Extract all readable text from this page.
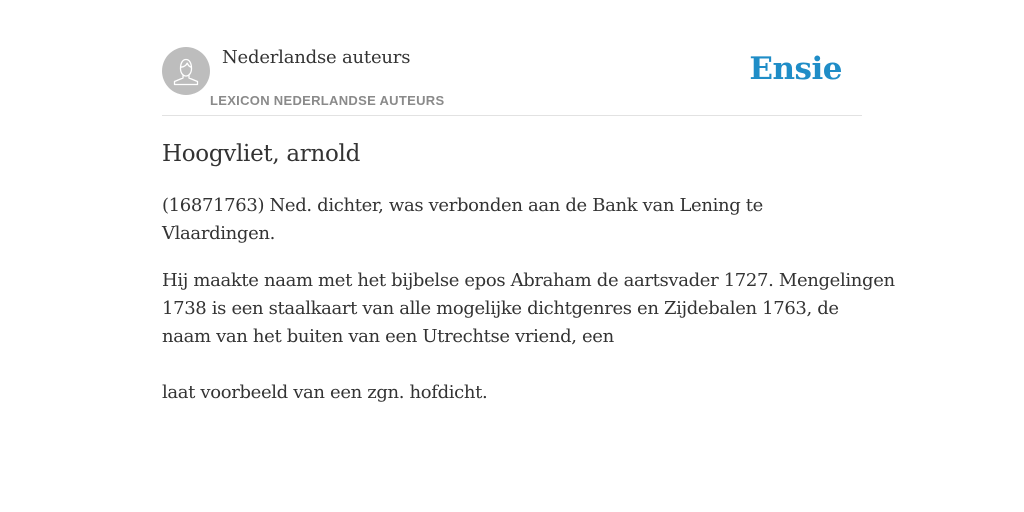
Nederlandse auteurs
LEXICON NEDERLANDSE AUTEURS
Ensie
Hoogvliet, arnold

(16871763) Ned. dichter, was verbonden aan de Bank van Lening te Vlaardingen.

Hij maakte naam met het bijbelse epos Abraham de aartsvader 1727. Mengelingen

1738 is een staalkaart van alle mogelijke dichtgenres en Zijdebalen 1763, de

naam van het buiten van een Utrechtse vriend, een

laat voorbeeld van een zgn. hofdicht.
